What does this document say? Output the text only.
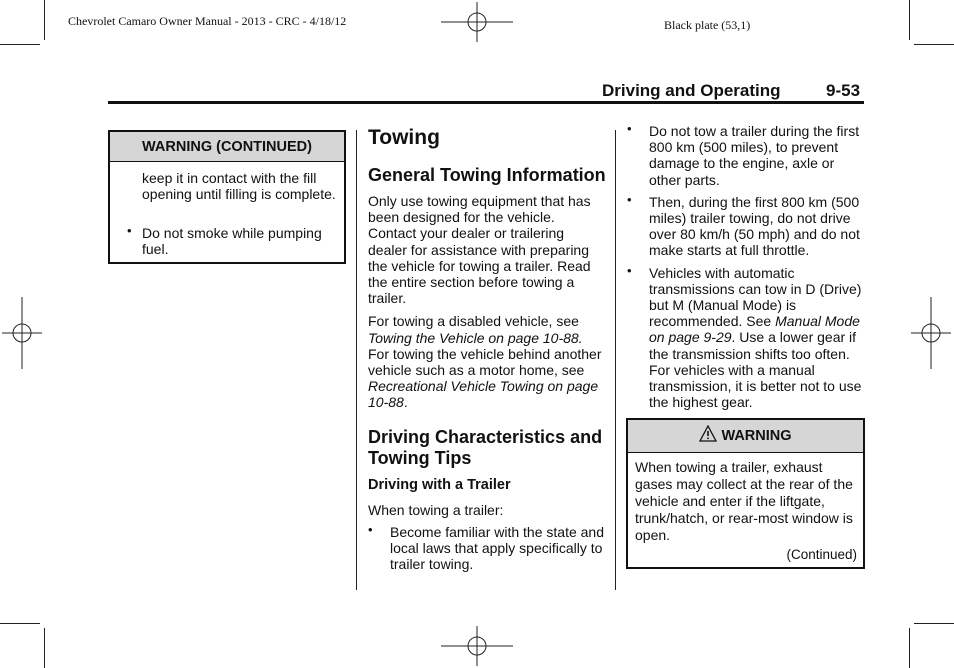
Chevrolet Camaro Owner Manual - 2013 - CRC - 4/18/12	Black plate (53,1)
Driving and Operating	9-53
WARNING (CONTINUED)
keep it in contact with the fill opening until filling is complete.
• Do not smoke while pumping fuel.
Towing
General Towing Information

Only use towing equipment that has been designed for the vehicle. Contact your dealer or trailering dealer for assistance with preparing the vehicle for towing a trailer. Read the entire section before towing a trailer.

For towing a disabled vehicle, see Towing the Vehicle on page 10-88. For towing the vehicle behind another vehicle such as a motor home, see Recreational Vehicle Towing on page 10-88.

Driving Characteristics and Towing Tips
Driving with a Trailer

When towing a trailer:

• Become familiar with the state and local laws that apply specifically to trailer towing.
• Do not tow a trailer during the first 800 km (500 miles), to prevent damage to the engine, axle or other parts.
• Then, during the first 800 km (500 miles) trailer towing, do not drive over 80 km/h (50 mph) and do not make starts at full throttle.
• Vehicles with automatic transmissions can tow in D (Drive) but M (Manual Mode) is recommended. See Manual Mode on page 9-29. Use a lower gear if the transmission shifts too often. For vehicles with a manual transmission, it is better not to use the highest gear.
WARNING
When towing a trailer, exhaust gases may collect at the rear of the vehicle and enter if the liftgate, trunk/hatch, or rear-most window is open.
(Continued)
